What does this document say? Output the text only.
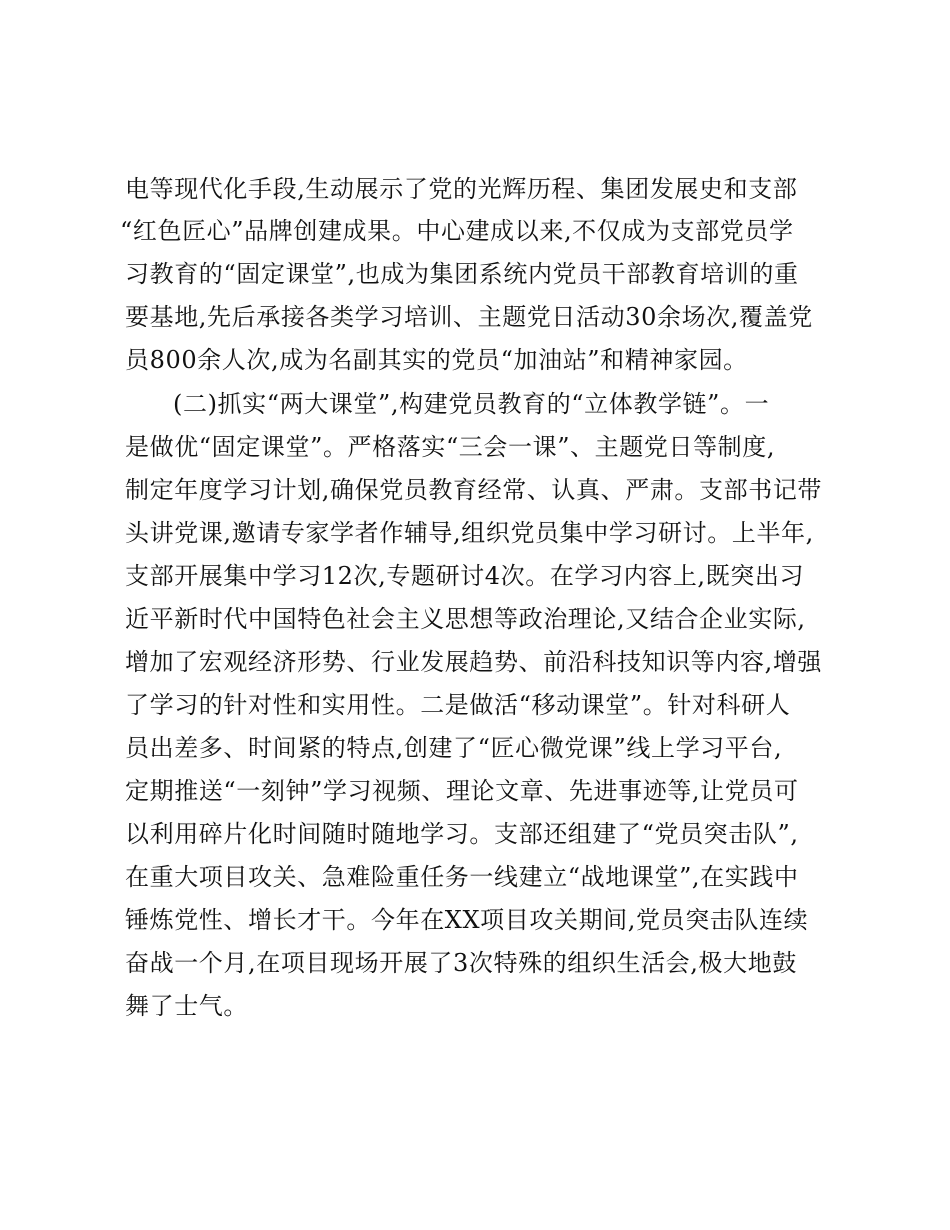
电等现代化手段,生动展示了党的光辉历程、集团发展史和支部
“红色匠心”品牌创建成果。中心建成以来,不仅成为支部党员学
习教育的“固定课堂”,也成为集团系统内党员干部教育培训的重
要基地,先后承接各类学习培训、主题党日活动30余场次,覆盖党
员800余人次,成为名副其实的党员“加油站”和精神家园。
(二)抓实“两大课堂”,构建党员教育的“立体教学链”。一
是做优“固定课堂”。严格落实“三会一课”、主题党日等制度,
制定年度学习计划,确保党员教育经常、认真、严肃。支部书记带
头讲党课,邀请专家学者作辅导,组织党员集中学习研讨。上半年,
支部开展集中学习12次,专题研讨4次。在学习内容上,既突出习
近平新时代中国特色社会主义思想等政治理论,又结合企业实际,
增加了宏观经济形势、行业发展趋势、前沿科技知识等内容,增强
了学习的针对性和实用性。二是做活“移动课堂”。针对科研人
员出差多、时间紧的特点,创建了“匠心微党课”线上学习平台,
定期推送“一刻钟”学习视频、理论文章、先进事迹等,让党员可
以利用碎片化时间随时随地学习。支部还组建了“党员突击队”,
在重大项目攻关、急难险重任务一线建立“战地课堂”,在实践中
锤炼党性、增长才干。今年在XX项目攻关期间,党员突击队连续
奋战一个月,在项目现场开展了3次特殊的组织生活会,极大地鼓
舞了士气。
